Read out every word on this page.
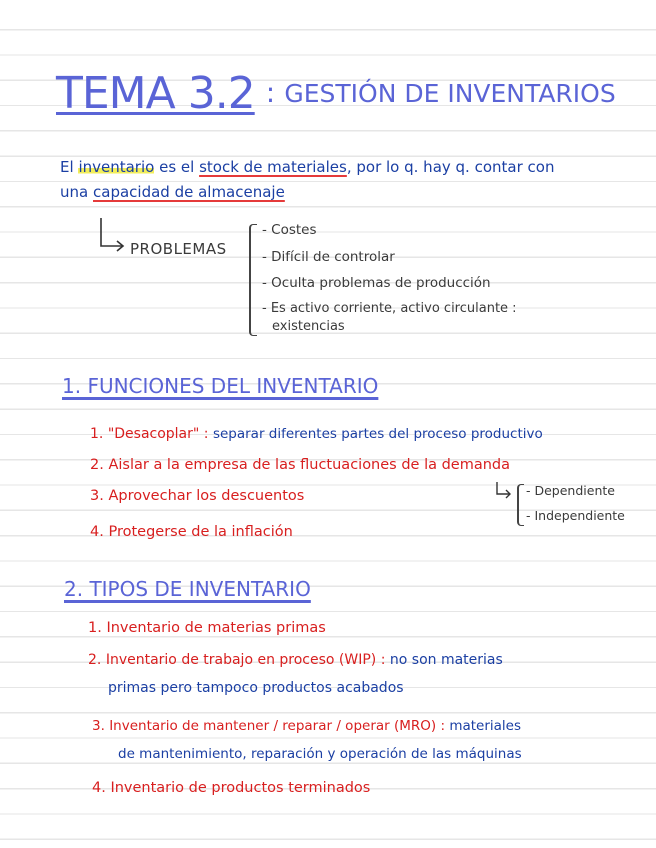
TEMA 3.2 : GESTIÓN DE INVENTARIOS
El inventario es el stock de materiales, por lo q. hay q. contar con
una capacidad de almacenaje
PROBLEMAS
- Costes
- Difícil de controlar
- Oculta problemas de producción
- Es activo corriente, activo circulante :
existencias
1. FUNCIONES DEL INVENTARIO
1. "Desacoplar" : separar diferentes partes del proceso productivo
2. Aislar a la empresa de las fluctuaciones de la demanda
3. Aprovechar los descuentos
4. Protegerse de la inflación
- Dependiente
- Independiente
2. TIPOS DE INVENTARIO
1. Inventario de materias primas
2. Inventario de trabajo en proceso (WIP) : no son materias
primas pero tampoco productos acabados
3. Inventario de mantener / reparar / operar (MRO) : materiales
de mantenimiento, reparación y operación de las máquinas
4. Inventario de productos terminados
